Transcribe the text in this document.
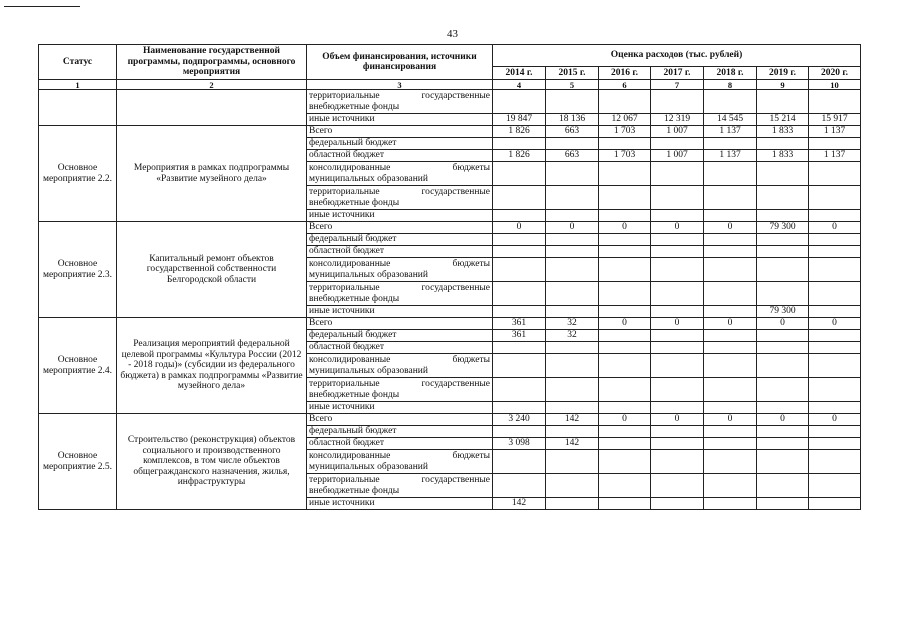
43
Статус	Наименование государственной программы, подпрограммы, основного мероприятия	Объем финансирования, источники финансирования	Оценка расходов (тыс. рублей)						
			2014 г.	2015 г.	2016 г.	2017 г.	2018 г.	2019 г.	2020 г.
1	2	3	4	5	6	7	8	9	10

		территориальные государственные
внебюджетные фонды							

		иные источники	19 847	18 136	12 067	12 319	14 545	15 214	15 917
Основное мероприятие 2.2.	Мероприятия в рамках подпрограммы «Развитие музейного дела»	Всего	1 826	663	1 703	1 007	1 137	1 833	1 137
		федеральный бюджет							
		областной бюджет	1 826	663	1 703	1 007	1 137	1 833	1 137

		консолидированные бюджеты
муниципальных образований							

		территориальные государственные
внебюджетные фонды							

		иные источники							
Основное мероприятие 2.3.	Капитальный ремонт объектов государственной собственности Белгородской области	Всего	0	0	0	0	0	79 300	0
		федеральный бюджет							
		областной бюджет							

		консолидированные бюджеты
муниципальных образований							

		территориальные государственные
внебюджетные фонды							

		иные источники						79 300	
Основное мероприятие 2.4.	Реализация мероприятий федеральной целевой программы «Культура России (2012 - 2018 годы)» (субсидии из федерального бюджета) в рамках подпрограммы «Развитие музейного дела»	Всего	361	32	0	0	0	0	0
		федеральный бюджет	361	32					
		областной бюджет							

		консолидированные бюджеты
муниципальных образований							

		территориальные государственные
внебюджетные фонды							

		иные источники							
Основное мероприятие 2.5.	Строительство (реконструкция) объектов социального и производственного комплексов, в том числе объектов общегражданского назначения, жилья, инфраструктуры	Всего	3 240	142	0	0	0	0	0
		федеральный бюджет							
		областной бюджет	3 098	142					

		консолидированные бюджеты
муниципальных образований							

		территориальные государственные
внебюджетные фонды							

		иные источники	142						
